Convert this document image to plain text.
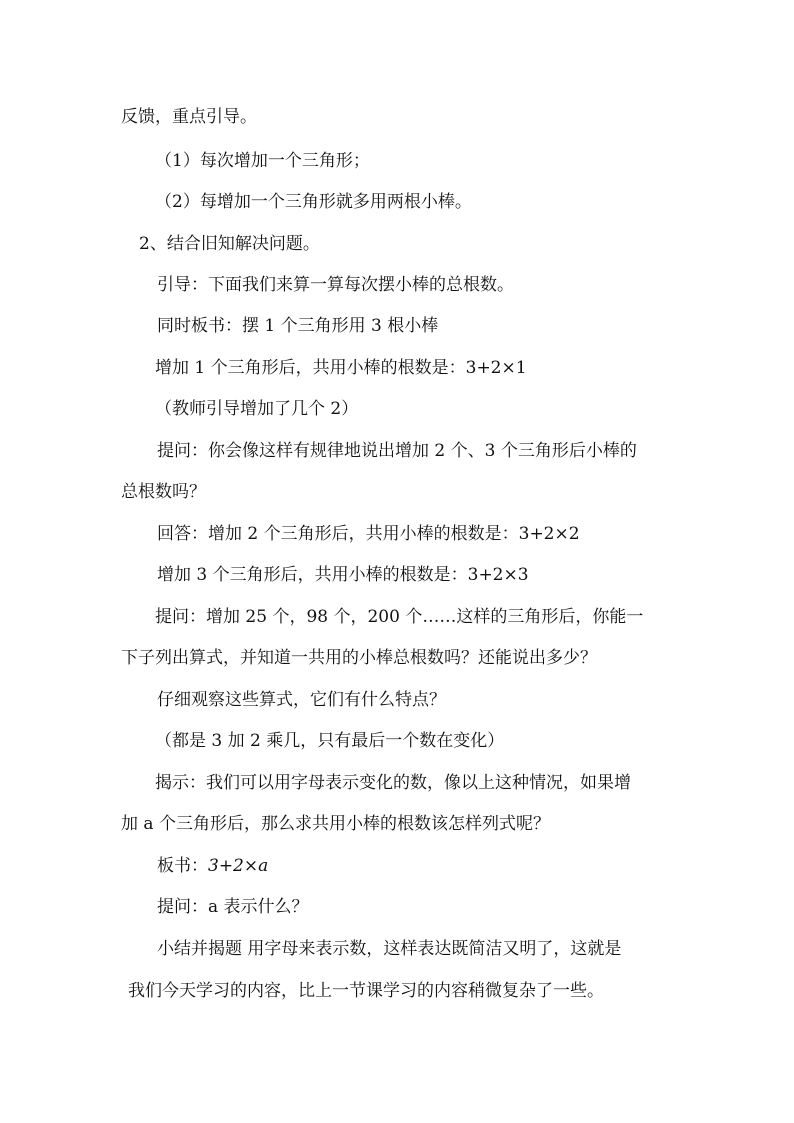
反馈，重点引导。
（1）每次增加一个三角形；
（2）每增加一个三角形就多用两根小棒。
2、结合旧知解决问题。
引导：下面我们来算一算每次摆小棒的总根数。
同时板书：摆 1 个三角形用 3 根小棒
增加 1 个三角形后，共用小棒的根数是：3+2×1
（教师引导增加了几个 2）
提问：你会像这样有规律地说出增加 2 个、3 个三角形后小棒的
总根数吗？
回答：增加 2 个三角形后，共用小棒的根数是：3+2×2
增加 3 个三角形后，共用小棒的根数是：3+2×3
提问：增加 25 个，98 个，200 个……这样的三角形后，你能一
下子列出算式，并知道一共用的小棒总根数吗？还能说出多少？
仔细观察这些算式，它们有什么特点？
（都是 3 加 2 乘几，只有最后一个数在变化）
揭示：我们可以用字母表示变化的数，像以上这种情况，如果增
加 a 个三角形后，那么求共用小棒的根数该怎样列式呢？
板书：3+2×a
提问：a 表示什么？
小结并揭题 用字母来表示数，这样表达既简洁又明了，这就是
我们今天学习的内容，比上一节课学习的内容稍微复杂了一些。
